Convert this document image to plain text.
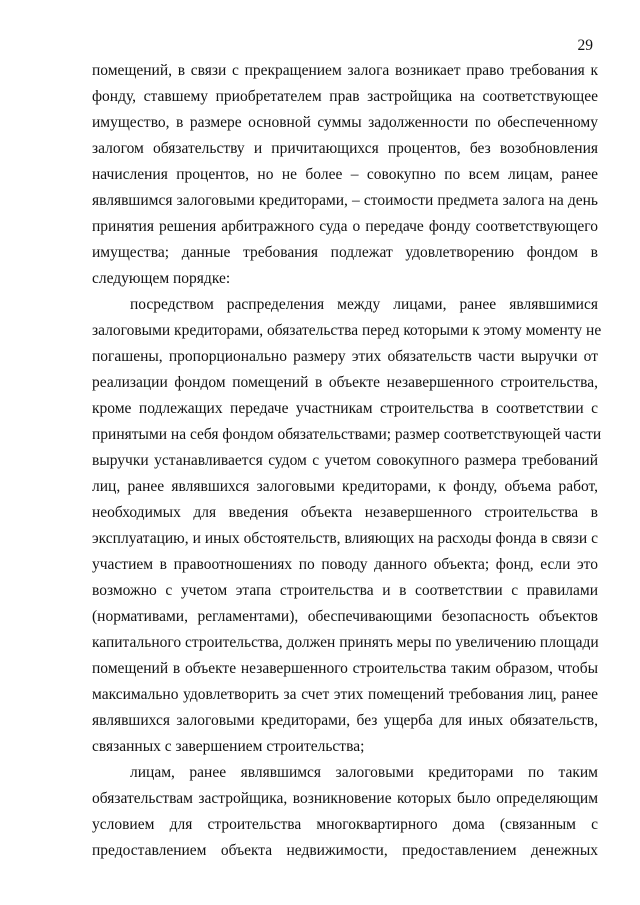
29

помещений, в связи с прекращением залога возникает право требования к
фонду, ставшему приобретателем прав застройщика на соответствующее
имущество, в размере основной суммы задолженности по обеспеченному
залогом обязательству и причитающихся процентов, без возобновления
начисления процентов, но не более – совокупно по всем лицам, ранее
являвшимся залоговыми кредиторами, – стоимости предмета залога на день
принятия решения арбитражного суда о передаче фонду соответствующего
имущества; данные требования подлежат удовлетворению фондом в
следующем порядке:

посредством распределения между лицами, ранее являвшимися
залоговыми кредиторами, обязательства перед которыми к этому моменту не
погашены, пропорционально размеру этих обязательств части выручки от
реализации фондом помещений в объекте незавершенного строительства,
кроме подлежащих передаче участникам строительства в соответствии с
принятыми на себя фондом обязательствами; размер соответствующей части
выручки устанавливается судом с учетом совокупного размера требований
лиц, ранее являвшихся залоговыми кредиторами, к фонду, объема работ,
необходимых для введения объекта незавершенного строительства в
эксплуатацию, и иных обстоятельств, влияющих на расходы фонда в связи с
участием в правоотношениях по поводу данного объекта; фонд, если это
возможно с учетом этапа строительства и в соответствии с правилами
(нормативами, регламентами), обеспечивающими безопасность объектов
капитального строительства, должен принять меры по увеличению площади
помещений в объекте незавершенного строительства таким образом, чтобы
максимально удовлетворить за счет этих помещений требования лиц, ранее
являвшихся залоговыми кредиторами, без ущерба для иных обязательств,
связанных с завершением строительства;

лицам, ранее являвшимся залоговыми кредиторами по таким
обязательствам застройщика, возникновение которых было определяющим
условием для строительства многоквартирного дома (связанным с
предоставлением объекта недвижимости, предоставлением денежных
